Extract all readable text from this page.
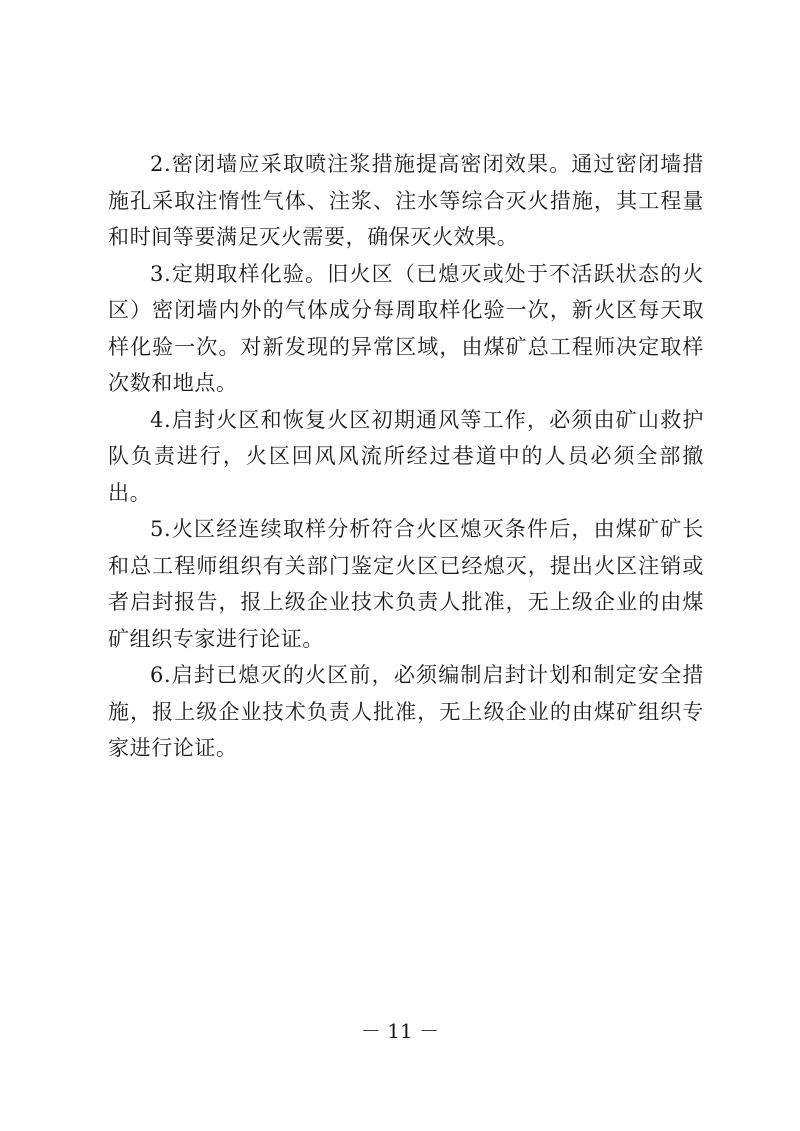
2.密闭墙应采取喷注浆措施提高密闭效果。通过密闭墙措施孔采取注惰性气体、注浆、注水等综合灭火措施，其工程量和时间等要满足灭火需要，确保灭火效果。

3.定期取样化验。旧火区（已熄灭或处于不活跃状态的火区）密闭墙内外的气体成分每周取样化验一次，新火区每天取样化验一次。对新发现的异常区域，由煤矿总工程师决定取样次数和地点。

4.启封火区和恢复火区初期通风等工作，必须由矿山救护队负责进行，火区回风风流所经过巷道中的人员必须全部撤出。

5.火区经连续取样分析符合火区熄灭条件后，由煤矿矿长和总工程师组织有关部门鉴定火区已经熄灭，提出火区注销或者启封报告，报上级企业技术负责人批准，无上级企业的由煤矿组织专家进行论证。

6.启封已熄灭的火区前，必须编制启封计划和制定安全措施，报上级企业技术负责人批准，无上级企业的由煤矿组织专家进行论证。

－ 11 －
